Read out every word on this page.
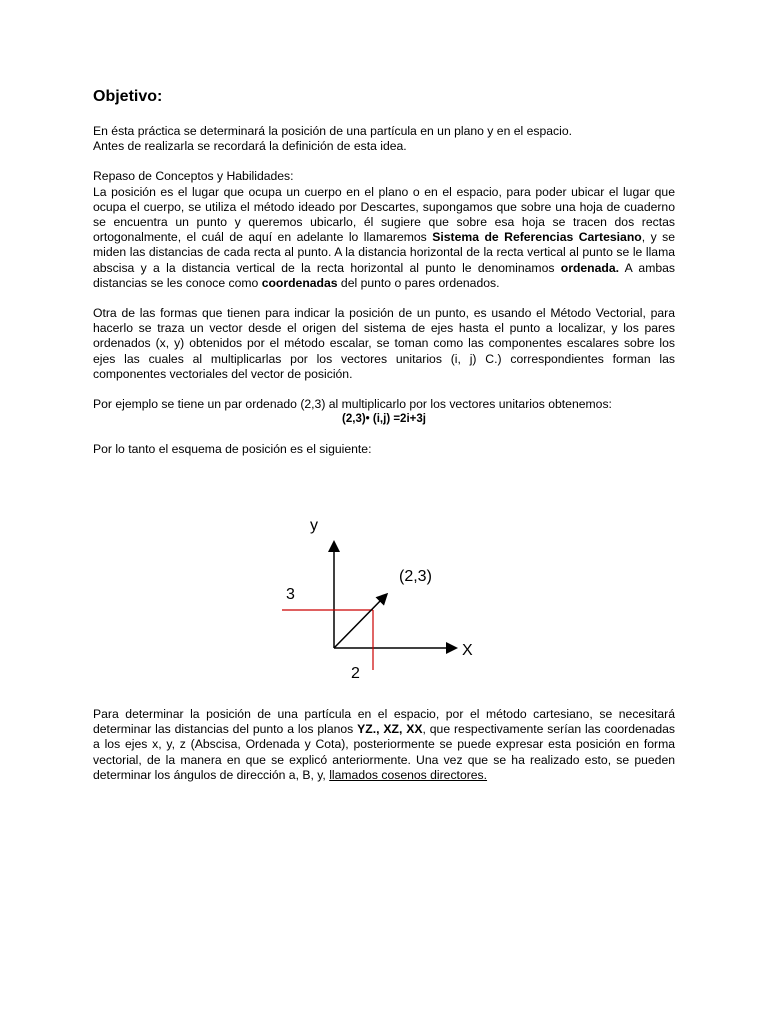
Objetivo:

En ésta práctica se determinará la posición de una partícula en un plano y en el espacio.

Antes de realizarla se recordará la definición de esta idea.

Repaso de Conceptos y Habilidades:

La posición es el lugar que ocupa un cuerpo en el plano o en el espacio, para poder ubicar el lugar que ocupa el cuerpo, se utiliza el método ideado por Descartes, supongamos que sobre una hoja de cuaderno se encuentra un punto y queremos ubicarlo, él sugiere que sobre esa hoja se tracen dos rectas ortogonalmente, el cuál de aquí en adelante lo llamaremos Sistema de Referencias Cartesiano, y se miden las distancias de cada recta al punto. A la distancia horizontal de la recta vertical al punto se le llama abscisa y a la distancia vertical de la recta horizontal al punto le denominamos ordenada. A ambas distancias se les conoce como coordenadas del punto o pares ordenados.

Otra de las formas que tienen para indicar la posición de un punto, es usando el Método Vectorial, para hacerlo se traza un vector desde el origen del sistema de ejes hasta el punto a localizar, y los pares ordenados (x, y) obtenidos por el método escalar, se toman como las componentes escalares sobre los ejes las cuales al multiplicarlas por los vectores unitarios (i, j) C.) correspondientes forman las componentes vectoriales del vector de posición.

Por ejemplo se tiene un par ordenado (2,3) al multiplicarlo por los vectores unitarios obtenemos:

(2,3)• (i,j) =2i+3j

Por lo tanto el esquema de posición es el siguiente:

y
(2,3)
3
X
2

Para determinar la posición de una partícula en el espacio, por el método cartesiano, se necesitará determinar las distancias del punto a los planos YZ., XZ, XX, que respectivamente serían las coordenadas a los ejes x, y, z (Abscisa, Ordenada y Cota), posteriormente se puede expresar esta posición en forma vectorial, de la manera en que se explicó anteriormente. Una vez que se ha realizado esto, se pueden determinar los ángulos de dirección a, B, y, llamados cosenos directores.
